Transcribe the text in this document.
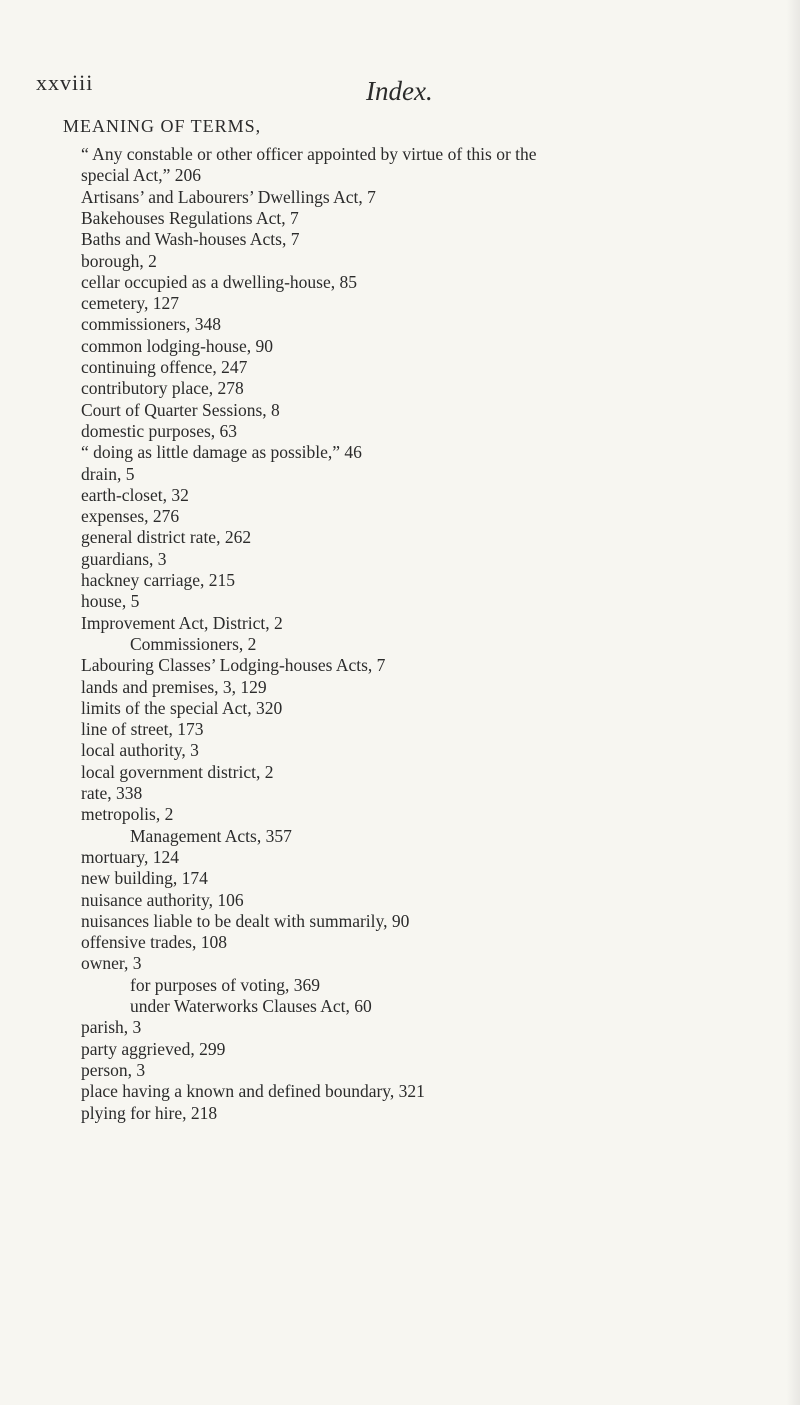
xxviii	Index.
MEANING OF TERMS,
“ Any constable or other officer appointed by virtue of this or the
special Act,” 206
Artisans’ and Labourers’ Dwellings Act, 7
Bakehouses Regulations Act, 7
Baths and Wash-houses Acts, 7
borough, 2
cellar occupied as a dwelling-house, 85
cemetery, 127
commissioners, 348
common lodging-house, 90
continuing offence, 247
contributory place, 278
Court of Quarter Sessions, 8
domestic purposes, 63
“ doing as little damage as possible,” 46
drain, 5
earth-closet, 32
expenses, 276
general district rate, 262
guardians, 3
hackney carriage, 215
house, 5
Improvement Act, District, 2
Commissioners, 2
Labouring Classes’ Lodging-houses Acts, 7
lands and premises, 3, 129
limits of the special Act, 320
line of street, 173
local authority, 3
local government district, 2
rate, 338
metropolis, 2
Management Acts, 357
mortuary, 124
new building, 174
nuisance authority, 106
nuisances liable to be dealt with summarily, 90
offensive trades, 108
owner, 3
for purposes of voting, 369
under Waterworks Clauses Act, 60
parish, 3
party aggrieved, 299
person, 3
place having a known and defined boundary, 321
plying for hire, 218
